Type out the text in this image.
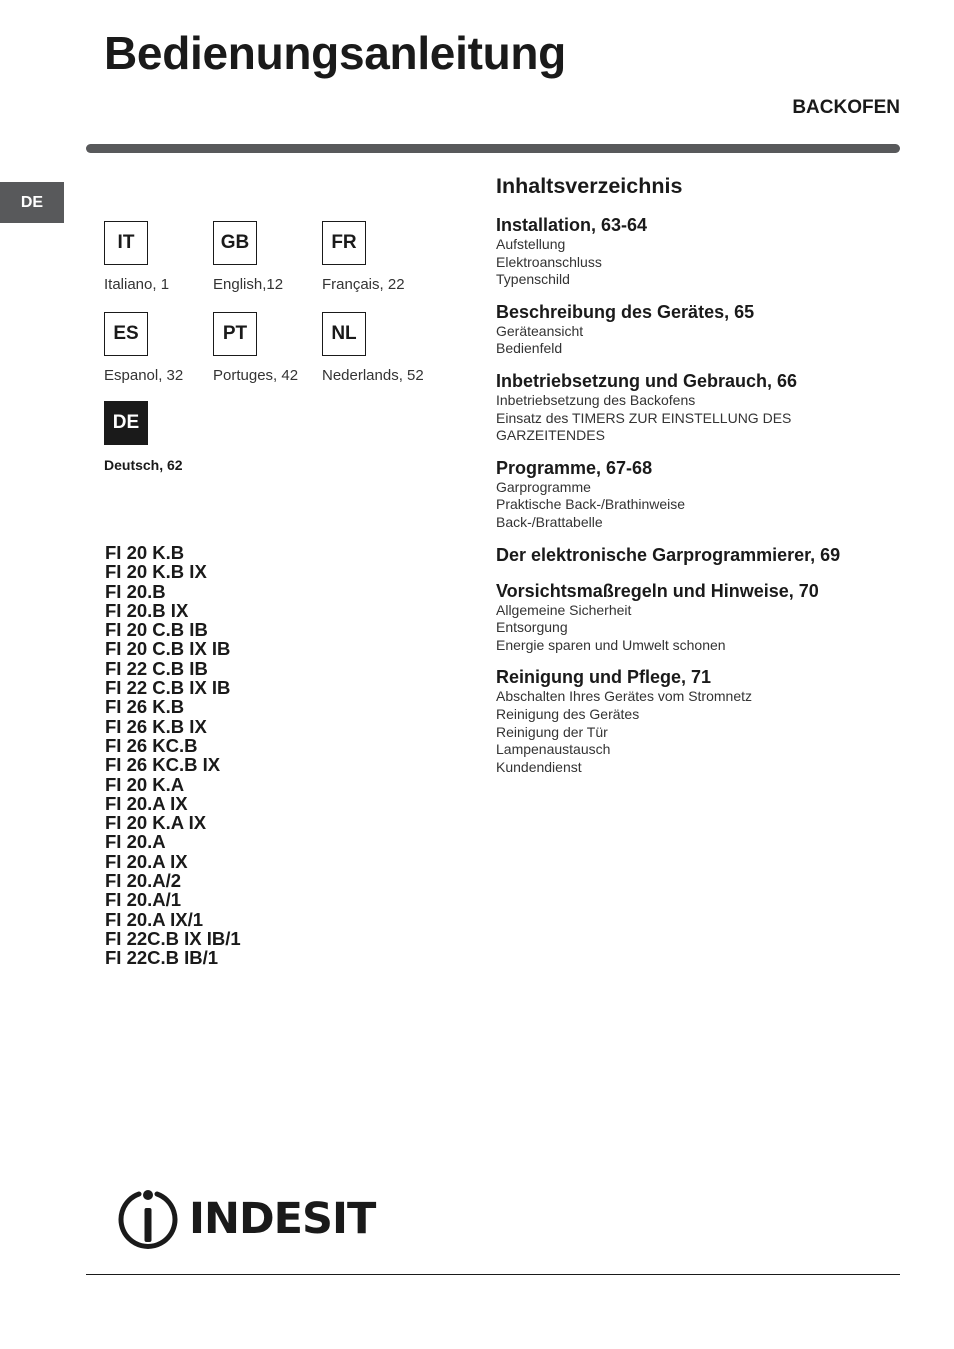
Bedienungsanleitung
BACKOFEN
DE
IT
Italiano, 1
GB
English,12
FR
Français, 22
ES
Espanol, 32
PT
Portuges, 42
NL
Nederlands, 52
DE
Deutsch, 62
FI 20 K.B
FI 20 K.B IX
FI 20.B
FI 20.B IX
FI 20 C.B IB
FI 20 C.B IX IB
FI 22 C.B IB
FI 22 C.B IX IB
FI 26 K.B
FI 26 K.B IX
FI 26 KC.B
FI 26 KC.B IX
FI 20 K.A
FI 20.A IX
FI 20 K.A IX
FI 20.A
FI 20.A IX
FI 20.A/2
FI 20.A/1
FI 20.A IX/1
FI 22C.B IX IB/1
FI 22C.B IB/1
Inhaltsverzeichnis
Installation, 63-64
Aufstellung
Elektroanschluss
Typenschild
Beschreibung des Gerätes, 65
Geräteansicht
Bedienfeld
Inbetriebsetzung und Gebrauch, 66
Inbetriebsetzung des Backofens
Einsatz des TIMERS ZUR EINSTELLUNG DES
GARZEITENDES
Programme, 67-68
Garprogramme
Praktische Back-/Brathinweise
Back-/Brattabelle
Der elektronische Garprogrammierer, 69
Vorsichtsmaßregeln und Hinweise, 70
Allgemeine Sicherheit
Entsorgung
Energie sparen und Umwelt schonen
Reinigung und Pflege, 71
Abschalten Ihres Gerätes vom Stromnetz
Reinigung des Gerätes
Reinigung der Tür
Lampenaustausch
Kundendienst
INDESIT
